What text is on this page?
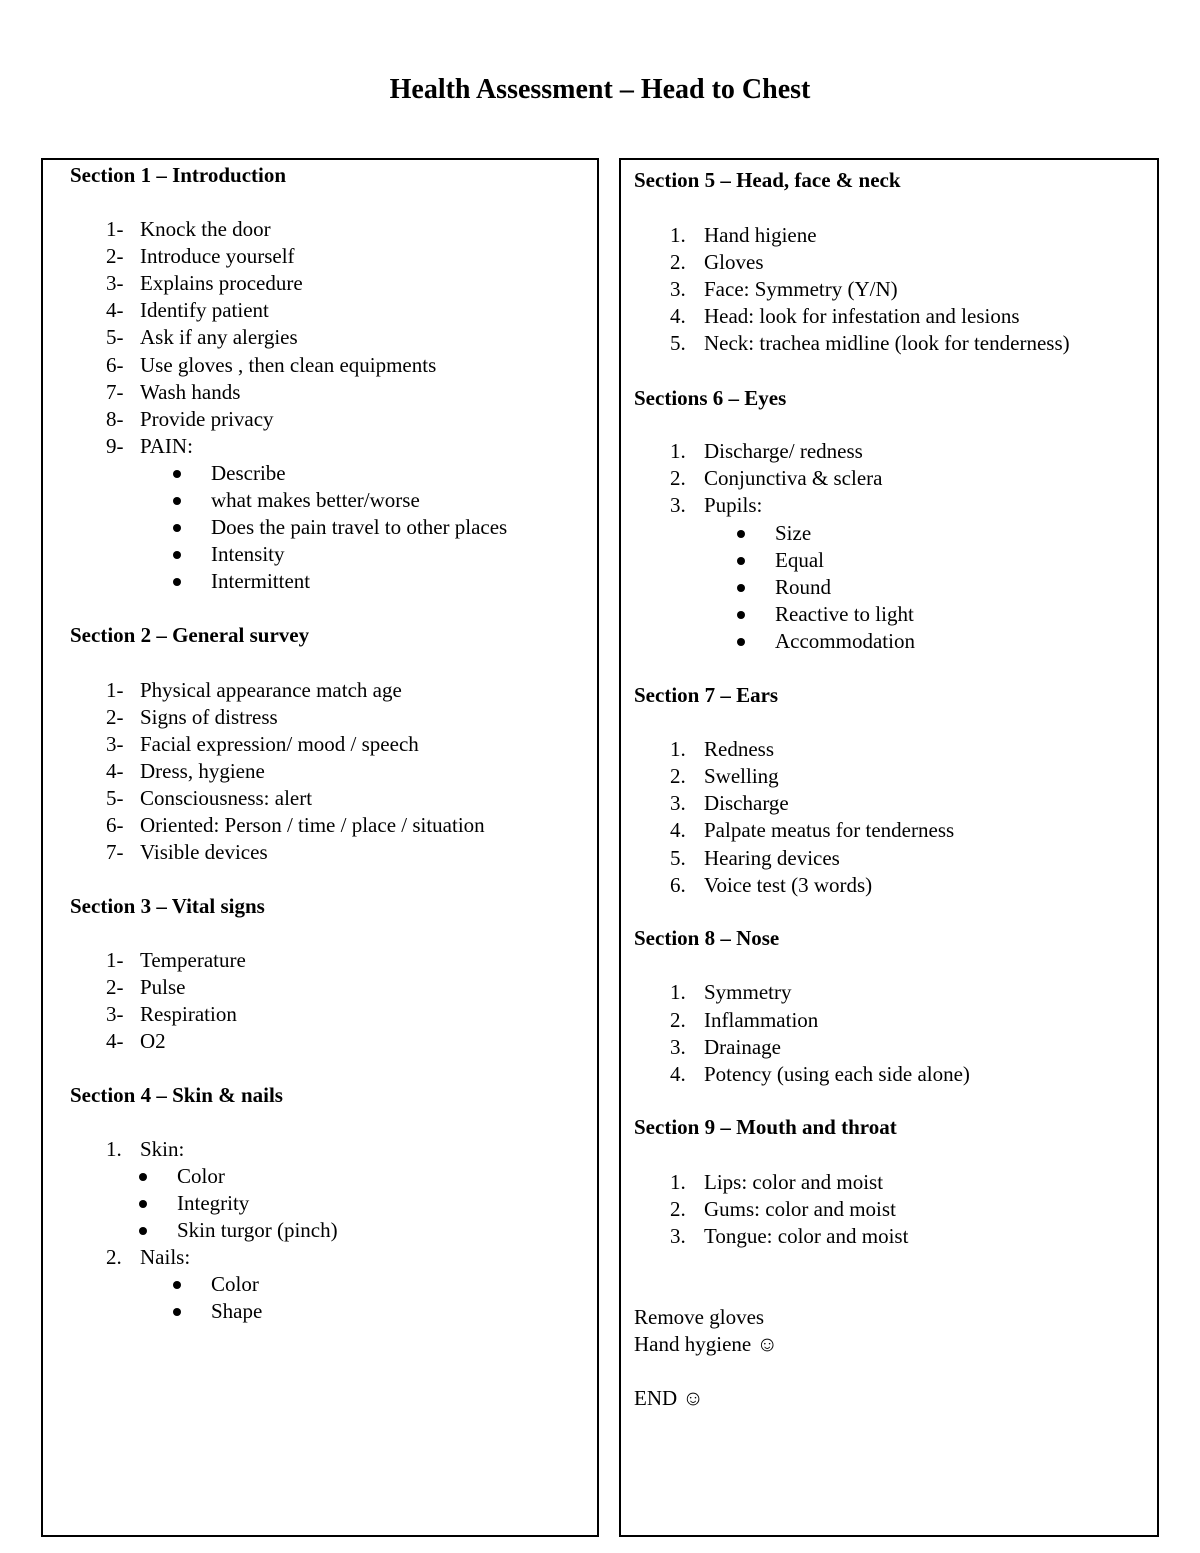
Health Assessment – Head to Chest
Section 1 – Introduction
1- Knock the door
2- Introduce yourself
3- Explains procedure
4- Identify patient
5- Ask if any alergies
6- Use gloves , then clean equipments
7- Wash hands
8- Provide privacy
9- PAIN:
Describe
what makes better/worse
Does the pain travel to other places
Intensity
Intermittent
Section 2 – General survey
1- Physical appearance match age
2- Signs of distress
3- Facial expression/ mood / speech
4- Dress, hygiene
5- Consciousness: alert
6- Oriented: Person / time / place / situation
7- Visible devices
Section 3 – Vital signs
1- Temperature
2- Pulse
3- Respiration
4- O2
Section 4 – Skin & nails
1. Skin:
Color
Integrity
Skin turgor (pinch)
2. Nails:
Color
Shape
Section 5 – Head, face & neck
1. Hand higiene
2. Gloves
3. Face: Symmetry (Y/N)
4. Head: look for infestation and lesions
5. Neck: trachea midline (look for tenderness)
Sections 6 – Eyes
1. Discharge/ redness
2. Conjunctiva & sclera
3. Pupils:
Size
Equal
Round
Reactive to light
Accommodation
Section 7 – Ears
1. Redness
2. Swelling
3. Discharge
4. Palpate meatus for tenderness
5. Hearing devices
6. Voice test (3 words)
Section 8 – Nose
1. Symmetry
2. Inflammation
3. Drainage
4. Potency (using each side alone)
Section 9 – Mouth and throat
1. Lips: color and moist
2. Gums: color and moist
3. Tongue: color and moist
Remove gloves
Hand hygiene ☺
END ☺
